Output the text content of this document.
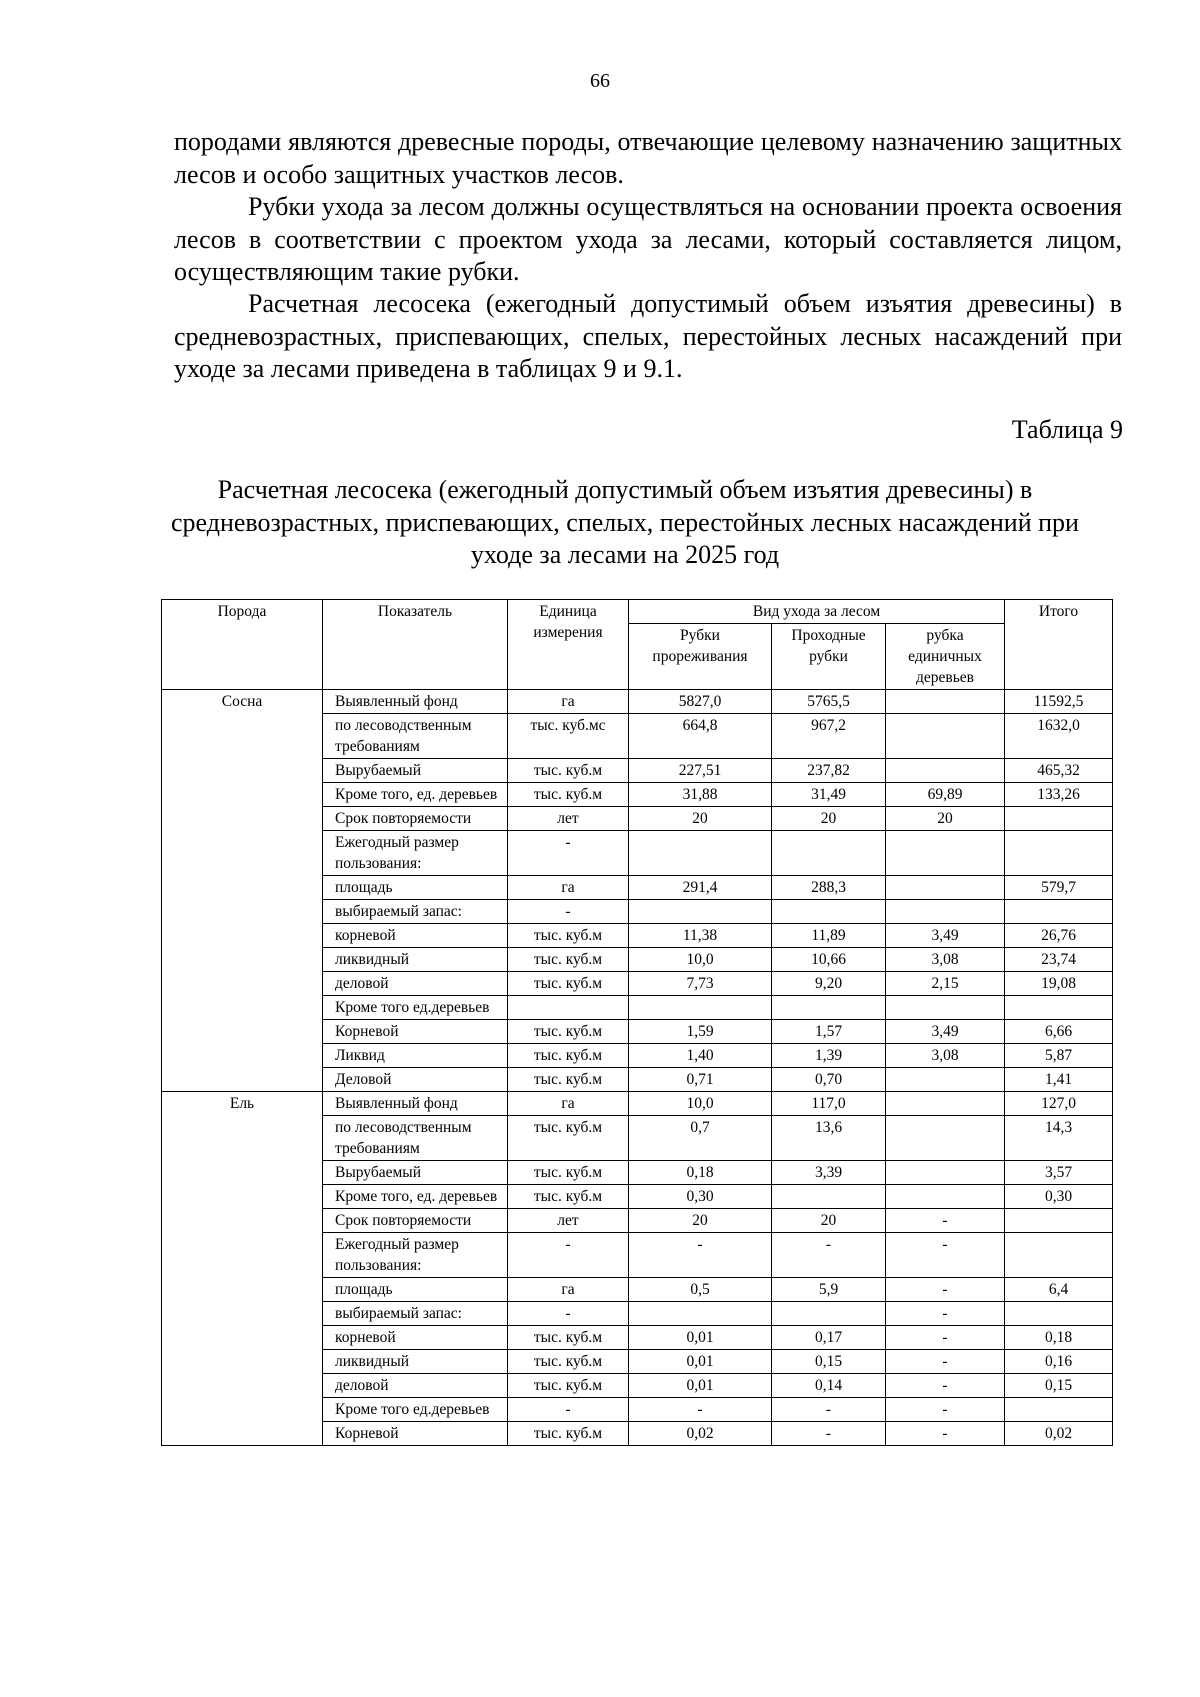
66

породами являются древесные породы, отвечающие целевому назначению защитных лесов и особо защитных участков лесов.

Рубки ухода за лесом должны осуществляться на основании проекта освоения лесов в соответствии с проектом ухода за лесами, который составляется лицом, осуществляющим такие рубки.

Расчетная лесосека (ежегодный допустимый объем изъятия древесины) в средневозрастных, приспевающих, спелых, перестойных лесных насаждений при уходе за лесами приведена в таблицах 9 и 9.1.

Таблица 9
Расчетная лесосека (ежегодный допустимый объем изъятия древесины) в средневозрастных, приспевающих, спелых, перестойных лесных насаждений при уходе за лесами на 2025 год
Порода	Показатель	Единица измерения	Вид ухода за лесом			Итого
			Рубки прореживания	Проходные рубки	рубка единичных деревьев	
Сосна	Выявленный фонд	га	5827,0	5765,5		11592,5
	по лесоводственным требованиям	тыс. куб.мс	664,8	967,2		1632,0
	Вырубаемый	тыс. куб.м	227,51	237,82		465,32
	Кроме того, ед. деревьев	тыс. куб.м	31,88	31,49	69,89	133,26
	Срок повторяемости	лет	20	20	20	
	Ежегодный размер пользования:	-				
	площадь	га	291,4	288,3		579,7
	выбираемый запас:	-				
	корневой	тыс. куб.м	11,38	11,89	3,49	26,76
	ликвидный	тыс. куб.м	10,0	10,66	3,08	23,74
	деловой	тыс. куб.м	7,73	9,20	2,15	19,08
	Кроме того ед.деревьев					
	Корневой	тыс. куб.м	1,59	1,57	3,49	6,66
	Ликвид	тыс. куб.м	1,40	1,39	3,08	5,87
	Деловой	тыс. куб.м	0,71	0,70		1,41
Ель	Выявленный фонд	га	10,0	117,0		127,0
	по лесоводственным требованиям	тыс. куб.м	0,7	13,6		14,3
	Вырубаемый	тыс. куб.м	0,18	3,39		3,57
	Кроме того, ед. деревьев	тыс. куб.м	0,30			0,30
	Срок повторяемости	лет	20	20	-	
	Ежегодный размер пользования:	-	-	-	-	
	площадь	га	0,5	5,9	-	6,4
	выбираемый запас:	-			-	
	корневой	тыс. куб.м	0,01	0,17	-	0,18
	ликвидный	тыс. куб.м	0,01	0,15	-	0,16
	деловой	тыс. куб.м	0,01	0,14	-	0,15
	Кроме того ед.деревьев	-	-	-	-	
	Корневой	тыс. куб.м	0,02	-	-	0,02
